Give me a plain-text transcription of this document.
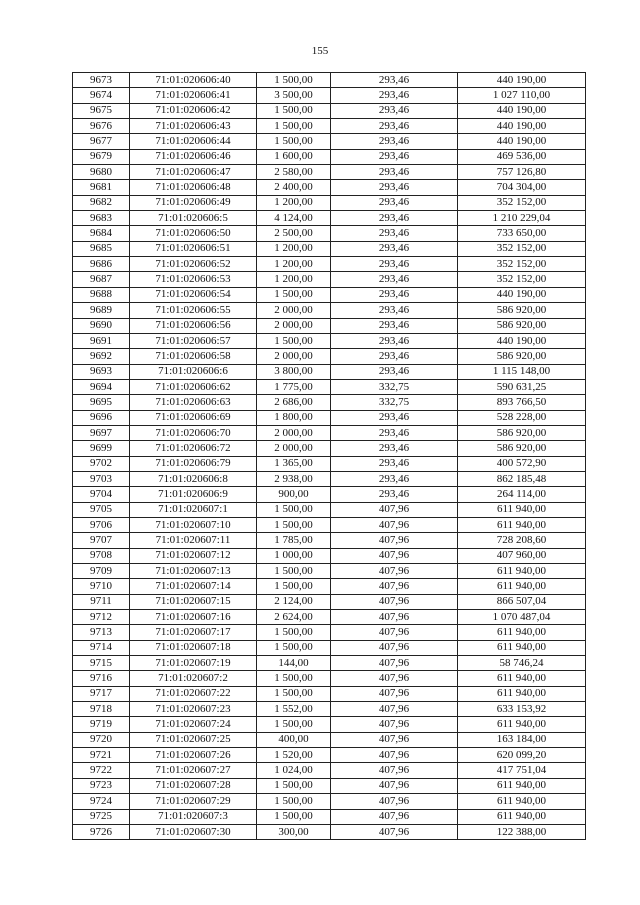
155
9673	71:01:020606:40	1 500,00	293,46	440 190,00
9674	71:01:020606:41	3 500,00	293,46	1 027 110,00
9675	71:01:020606:42	1 500,00	293,46	440 190,00
9676	71:01:020606:43	1 500,00	293,46	440 190,00
9677	71:01:020606:44	1 500,00	293,46	440 190,00
9679	71:01:020606:46	1 600,00	293,46	469 536,00
9680	71:01:020606:47	2 580,00	293,46	757 126,80
9681	71:01:020606:48	2 400,00	293,46	704 304,00
9682	71:01:020606:49	1 200,00	293,46	352 152,00
9683	71:01:020606:5	4 124,00	293,46	1 210 229,04
9684	71:01:020606:50	2 500,00	293,46	733 650,00
9685	71:01:020606:51	1 200,00	293,46	352 152,00
9686	71:01:020606:52	1 200,00	293,46	352 152,00
9687	71:01:020606:53	1 200,00	293,46	352 152,00
9688	71:01:020606:54	1 500,00	293,46	440 190,00
9689	71:01:020606:55	2 000,00	293,46	586 920,00
9690	71:01:020606:56	2 000,00	293,46	586 920,00
9691	71:01:020606:57	1 500,00	293,46	440 190,00
9692	71:01:020606:58	2 000,00	293,46	586 920,00
9693	71:01:020606:6	3 800,00	293,46	1 115 148,00
9694	71:01:020606:62	1 775,00	332,75	590 631,25
9695	71:01:020606:63	2 686,00	332,75	893 766,50
9696	71:01:020606:69	1 800,00	293,46	528 228,00
9697	71:01:020606:70	2 000,00	293,46	586 920,00
9699	71:01:020606:72	2 000,00	293,46	586 920,00
9702	71:01:020606:79	1 365,00	293,46	400 572,90
9703	71:01:020606:8	2 938,00	293,46	862 185,48
9704	71:01:020606:9	900,00	293,46	264 114,00
9705	71:01:020607:1	1 500,00	407,96	611 940,00
9706	71:01:020607:10	1 500,00	407,96	611 940,00
9707	71:01:020607:11	1 785,00	407,96	728 208,60
9708	71:01:020607:12	1 000,00	407,96	407 960,00
9709	71:01:020607:13	1 500,00	407,96	611 940,00
9710	71:01:020607:14	1 500,00	407,96	611 940,00
9711	71:01:020607:15	2 124,00	407,96	866 507,04
9712	71:01:020607:16	2 624,00	407,96	1 070 487,04
9713	71:01:020607:17	1 500,00	407,96	611 940,00
9714	71:01:020607:18	1 500,00	407,96	611 940,00
9715	71:01:020607:19	144,00	407,96	58 746,24
9716	71:01:020607:2	1 500,00	407,96	611 940,00
9717	71:01:020607:22	1 500,00	407,96	611 940,00
9718	71:01:020607:23	1 552,00	407,96	633 153,92
9719	71:01:020607:24	1 500,00	407,96	611 940,00
9720	71:01:020607:25	400,00	407,96	163 184,00
9721	71:01:020607:26	1 520,00	407,96	620 099,20
9722	71:01:020607:27	1 024,00	407,96	417 751,04
9723	71:01:020607:28	1 500,00	407,96	611 940,00
9724	71:01:020607:29	1 500,00	407,96	611 940,00
9725	71:01:020607:3	1 500,00	407,96	611 940,00
9726	71:01:020607:30	300,00	407,96	122 388,00
